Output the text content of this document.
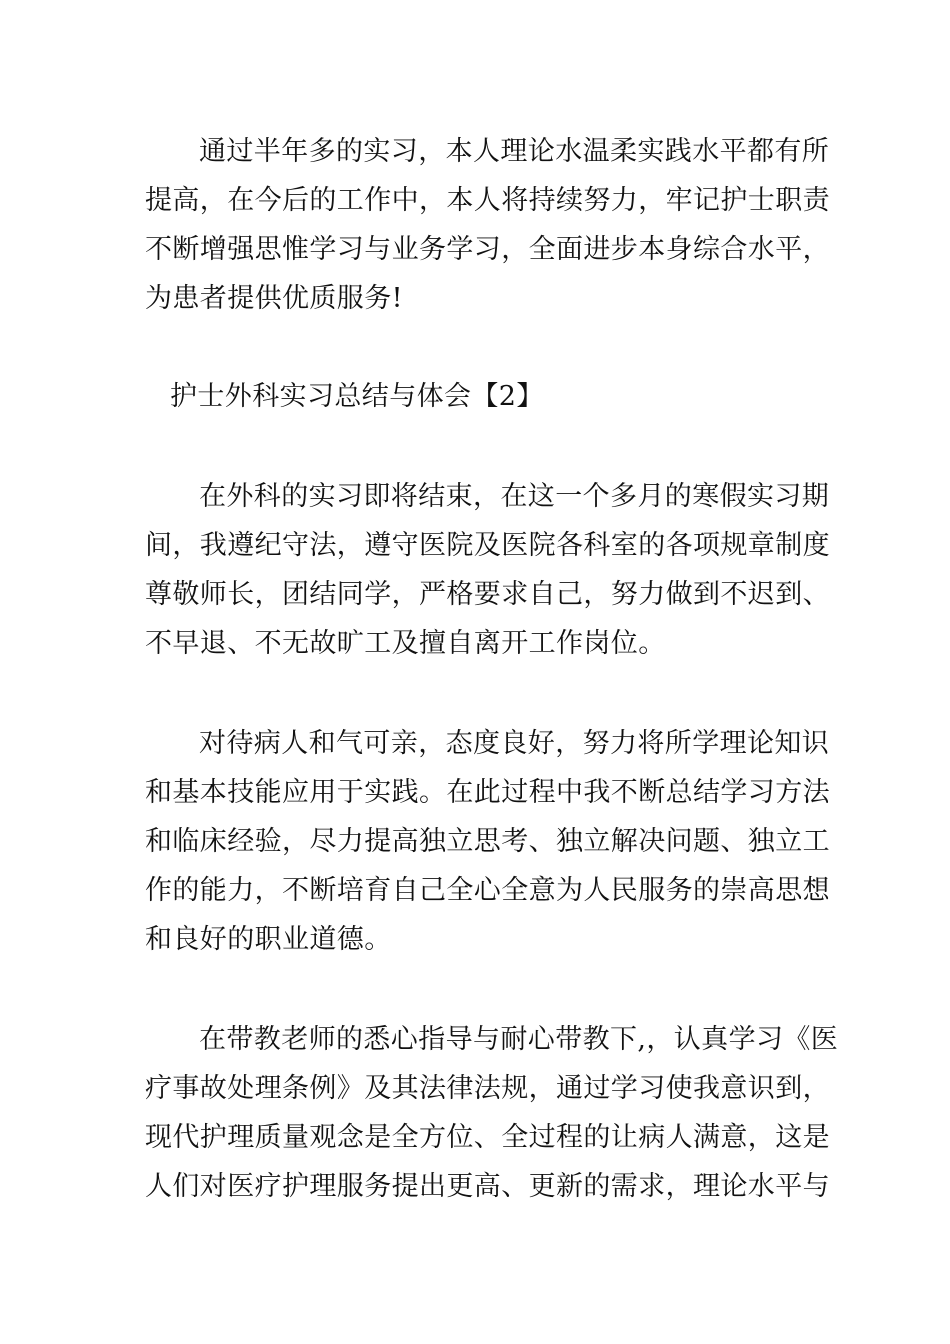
通过半年多的实习，本人理论水温柔实践水平都有所
提高，在今后的工作中，本人将持续努力，牢记护士职责
不断增强思惟学习与业务学习，全面进步本身综合水平，
为患者提供优质服务!
护士外科实习总结与体会【2】
在外科的实习即将结束，在这一个多月的寒假实习期
间，我遵纪守法，遵守医院及医院各科室的各项规章制度
尊敬师长，团结同学，严格要求自己，努力做到不迟到、
不早退、不无故旷工及擅自离开工作岗位。
对待病人和气可亲，态度良好，努力将所学理论知识
和基本技能应用于实践。在此过程中我不断总结学习方法
和临床经验，尽力提高独立思考、独立解决问题、独立工
作的能力，不断培育自己全心全意为人民服务的崇高思想
和良好的职业道德。
在带教老师的悉心指导与耐心带教下,，认真学习《医
疗事故处理条例》及其法律法规，通过学习使我意识到，
现代护理质量观念是全方位、全过程的让病人满意，这是
人们对医疗护理服务提出更高、更新的需求，理论水平与
